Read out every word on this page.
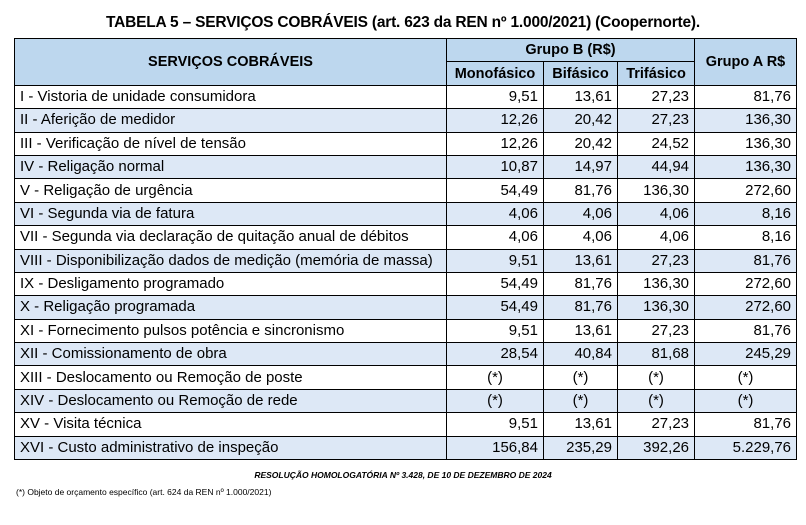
TABELA 5 – SERVIÇOS COBRÁVEIS (art. 623 da REN nº 1.000/2021) (Coopernorte).
SERVIÇOS COBRÁVEIS	Grupo B (R$)			Grupo A R$
	Monofásico	Bifásico	Trifásico	
I - Vistoria de unidade consumidora	9,51	13,61	27,23	81,76
II - Aferição de medidor	12,26	20,42	27,23	136,30
III - Verificação de nível de tensão	12,26	20,42	24,52	136,30
IV - Religação normal	10,87	14,97	44,94	136,30
V - Religação de urgência	54,49	81,76	136,30	272,60
VI - Segunda via de fatura	4,06	4,06	4,06	8,16
VII - Segunda via declaração de quitação anual de débitos	4,06	4,06	4,06	8,16
VIII - Disponibilização dados de medição (memória de massa)	9,51	13,61	27,23	81,76
IX - Desligamento programado	54,49	81,76	136,30	272,60
X - Religação programada	54,49	81,76	136,30	272,60
XI - Fornecimento pulsos potência e sincronismo	9,51	13,61	27,23	81,76
XII - Comissionamento de obra	28,54	40,84	81,68	245,29
XIII - Deslocamento ou Remoção de poste	(*)	(*)	(*)	(*)
XIV - Deslocamento ou Remoção de rede	(*)	(*)	(*)	(*)
XV - Visita técnica	9,51	13,61	27,23	81,76
XVI - Custo administrativo de inspeção	156,84	235,29	392,26	5.229,76
RESOLUÇÃO HOMOLOGATÓRIA Nº 3.428, DE 10 DE DEZEMBRO DE 2024
(*) Objeto de orçamento específico (art. 624 da REN nº 1.000/2021)
